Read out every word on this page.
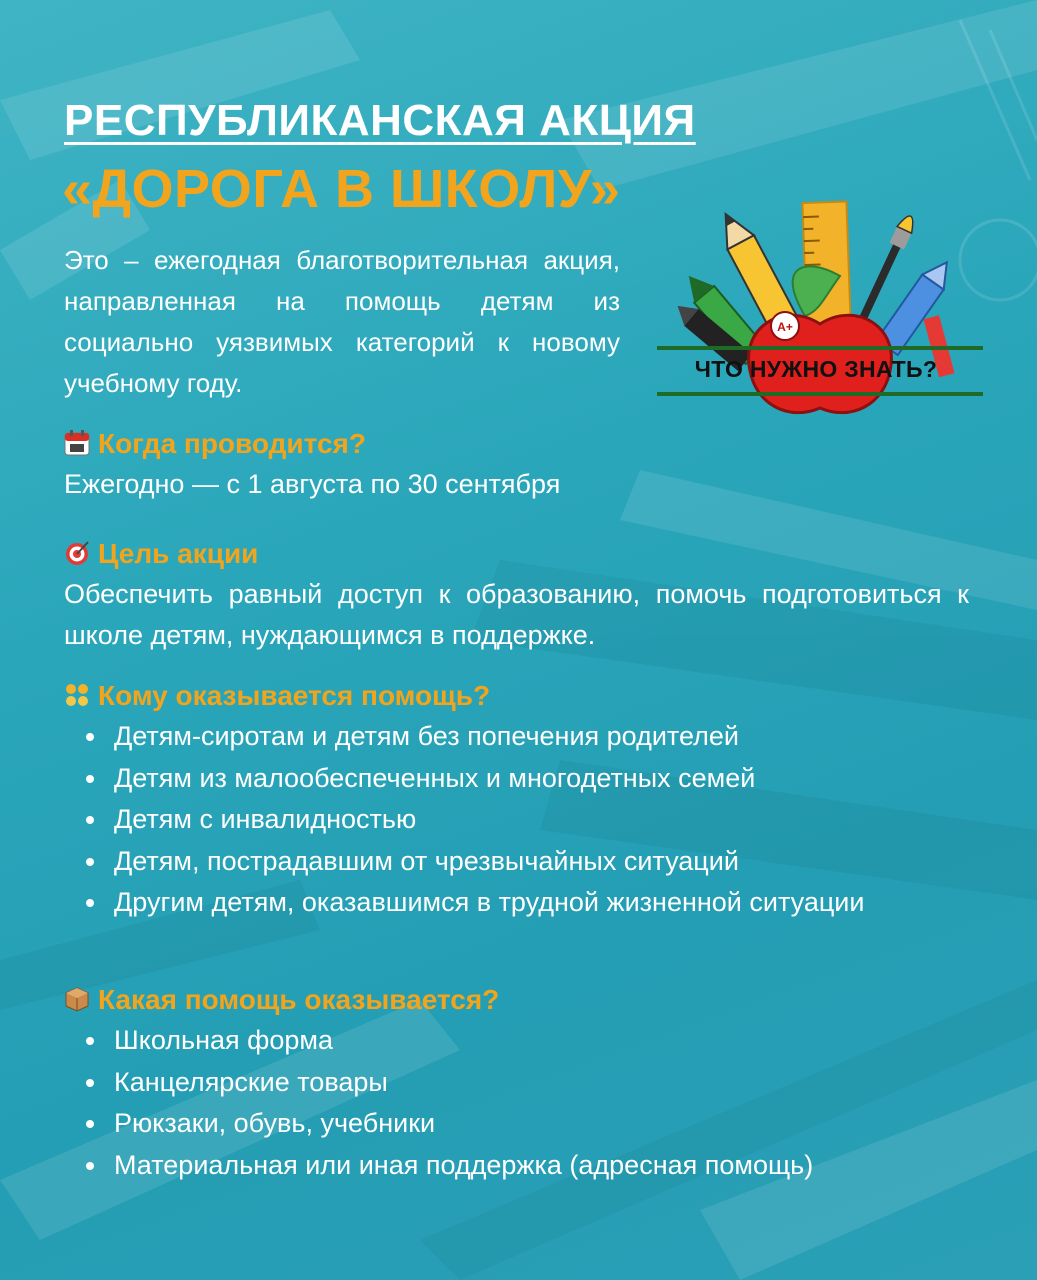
РЕСПУБЛИКАНСКАЯ АКЦИЯ
«ДОРОГА В ШКОЛУ»

Это – ежегодная благотворительная акция, направленная на помощь детям из социально уязвимых категорий к новому учебному году.

A+
ЧТО НУЖНО ЗНАТЬ?

Когда проводится?

Ежегодно — с 1 августа по 30 сентября

Цель акции

Обеспечить равный доступ к образованию, помочь подготовиться к школе детям, нуждающимся в поддержке.

Кому оказывается помощь?

Детям-сиротам и детям без попечения родителей
Детям из малообеспеченных и многодетных семей
Детям с инвалидностью
Детям, пострадавшим от чрезвычайных ситуаций
Другим детям, оказавшимся в трудной жизненной ситуации

Какая помощь оказывается?

Школьная форма
Канцелярские товары
Рюкзаки, обувь, учебники
Материальная или иная поддержка (адресная помощь)
